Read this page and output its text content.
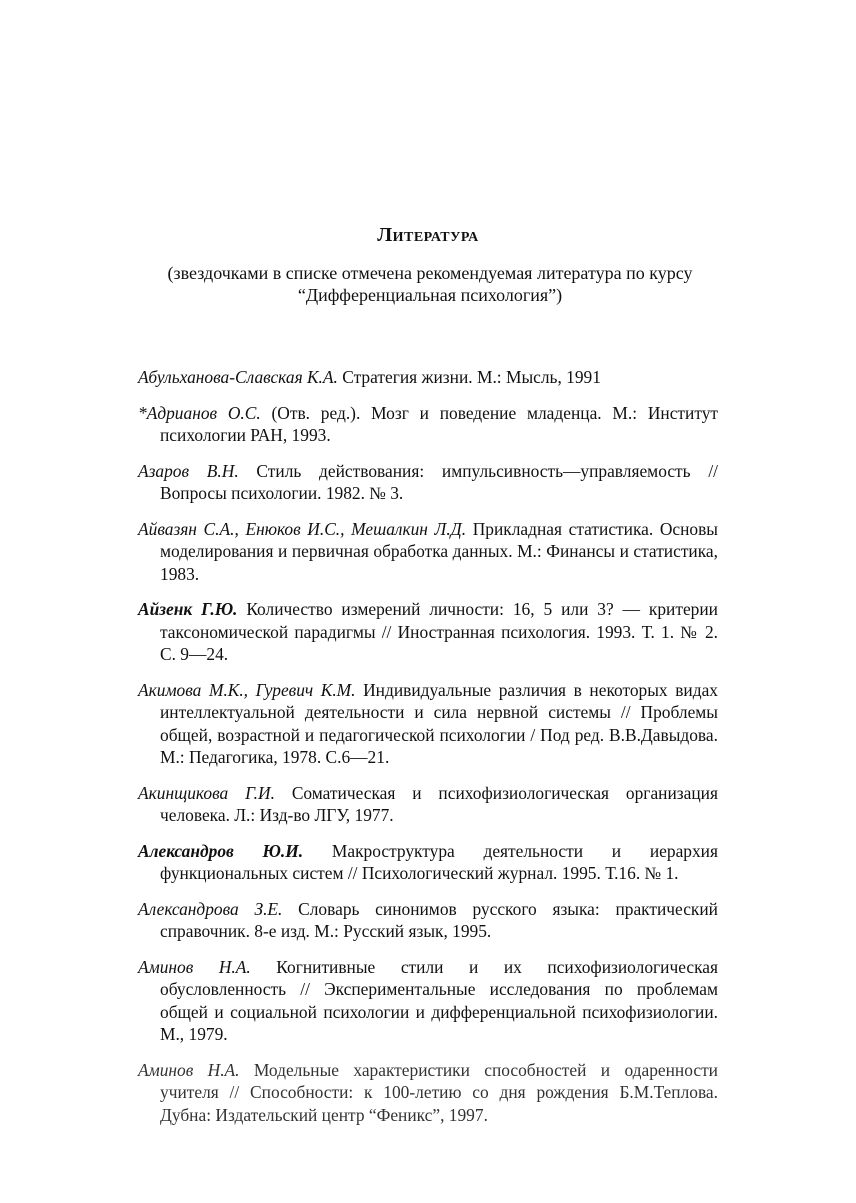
Литература
(звездочками в списке отмечена рекомендуемая литература по курсу “Дифференциальная психология”)
Абульханова-Славская К.А. Стратегия жизни. М.: Мысль, 1991
*Адрианов О.С. (Отв. ред.). Мозг и поведение младенца. М.: Институт психологии РАН, 1993.
Азаров В.Н. Стиль действования: импульсивность—управляемость // Вопросы психологии. 1982. № 3.
Айвазян С.А., Енюков И.С., Мешалкин Л.Д. Прикладная статистика. Основы моделирования и первичная обработка данных. М.: Финансы и статистика, 1983.
Айзенк Г.Ю. Количество измерений личности: 16, 5 или 3? — критерии таксономической парадигмы // Иностранная психология. 1993. Т. 1. № 2. С. 9—24.
Акимова М.К., Гуревич К.М. Индивидуальные различия в некоторых видах интеллектуальной деятельности и сила нервной системы // Проблемы общей, возрастной и педагогической психологии / Под ред. В.В.Давыдова. М.: Педагогика, 1978. С.6—21.
Акинщикова Г.И. Соматическая и психофизиологическая организация человека. Л.: Изд-во ЛГУ, 1977.
Александров Ю.И. Макроструктура деятельности и иерархия функциональных систем // Психологический журнал. 1995. Т.16. № 1.
Александрова З.Е. Словарь синонимов русского языка: практический справочник. 8-е изд. М.: Русский язык, 1995.
Аминов Н.А. Когнитивные стили и их психофизиологическая обусловленность // Экспериментальные исследования по проблемам общей и социальной психологии и дифференциальной психофизиологии. М., 1979.
Аминов Н.А. Модельные характеристики способностей и одаренности учителя // Способности: к 100-летию со дня рождения Б.М.Теплова. Дубна: Издательский центр “Феникс”, 1997.
